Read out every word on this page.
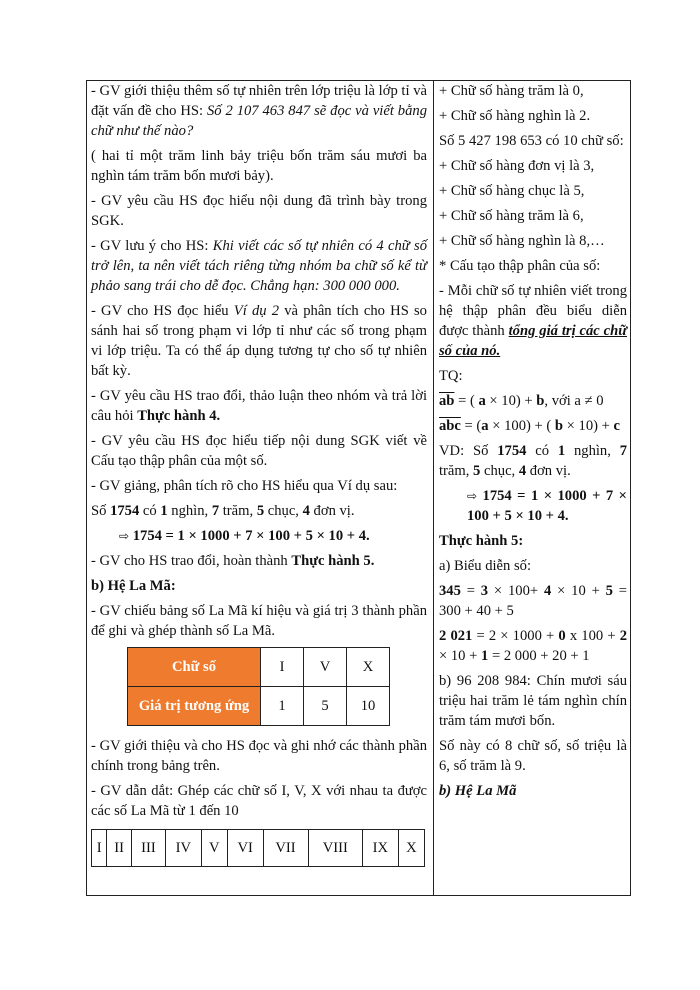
- GV giới thiệu thêm số tự nhiên trên lớp triệu là lớp tỉ và đặt vấn đề cho HS: Số 2 107 463 847 sẽ đọc và viết bằng chữ như thế nào?

( hai tỉ một trăm linh bảy triệu bốn trăm sáu mươi ba nghìn tám trăm bốn mươi bảy).

- GV yêu cầu HS đọc hiểu nội dung đã trình bày trong SGK.

- GV lưu ý cho HS: Khi viết các số tự nhiên có 4 chữ số trở lên, ta nên viết tách riêng từng nhóm ba chữ số kể từ phảo sang trái cho dễ đọc. Chẳng hạn: 300 000 000.

- GV cho HS đọc hiểu Ví dụ 2 và phân tích cho HS so sánh hai số trong phạm vi lớp tỉ như các số trong phạm vi lớp triệu. Ta có thể áp dụng tương tự cho số tự nhiên bất kỳ.

- GV yêu cầu HS trao đổi, thảo luận theo nhóm và trả lời câu hỏi Thực hành 4.

- GV yêu cầu HS đọc hiểu tiếp nội dung SGK viết về Cấu tạo thập phân của một số.

- GV giảng, phân tích rõ cho HS hiểu qua Ví dụ sau:

Số 1754 có 1 nghìn, 7 trăm, 5 chục, 4 đơn vị.

⇨ 1754 = 1 × 1000 + 7 × 100 + 5 × 10 + 4.

- GV cho HS trao đổi, hoàn thành Thực hành 5.

b) Hệ La Mã:

- GV chiếu bảng số La Mã kí hiệu và giá trị 3 thành phần để ghi và ghép thành số La Mã.

Chữ số	I	V	X
Giá trị tương ứng	1	5	10

- GV giới thiệu và cho HS đọc và ghi nhớ các thành phần chính trong bảng trên.

- GV dẫn dắt: Ghép các chữ số I, V, X với nhau ta được các số La Mã từ 1 đến 10

I	II	III	IV	V	VI	VII	VIII	IX	X

+ Chữ số hàng trăm là 0,

+ Chữ số hàng nghìn là 2.

Số 5 427 198 653 có 10 chữ số:

+ Chữ số hàng đơn vị là 3,

+ Chữ số hàng chục là 5,

+ Chữ số hàng trăm là 6,

+ Chữ số hàng nghìn là 8,…

* Cấu tạo thập phân của số:

- Mỗi chữ số tự nhiên viết trong hệ thập phân đều biểu diễn được thành tổng giá trị các chữ số của nó.

TQ:

$\overline{ab}$ = ( a × 10) + b, với a ≠ 0

$\overline{abc} = (a \times 100)$ + ( b × 10) + c

VD: Số 1754 có 1 nghìn, 7 trăm, 5 chục, 4 đơn vị.

⇨ 1754 = 1 × 1000 + 7 × 100 + 5 × 10 + 4.

Thực hành 5:

a) Biểu diễn số:

345 = 3 × 100+ 4 × 10 + 5 = 300 + 40 + 5

2 021 = 2 × 1000 + 0 x 100 + 2 × 10 + 1 = 2 000 + 20 + 1

b) 96 208 984: Chín mươi sáu triệu hai trăm lẻ tám nghìn chín trăm tám mươi bốn.

Số này có 8 chữ số, số triệu là 6, số trăm là 9.

b) Hệ La Mã
